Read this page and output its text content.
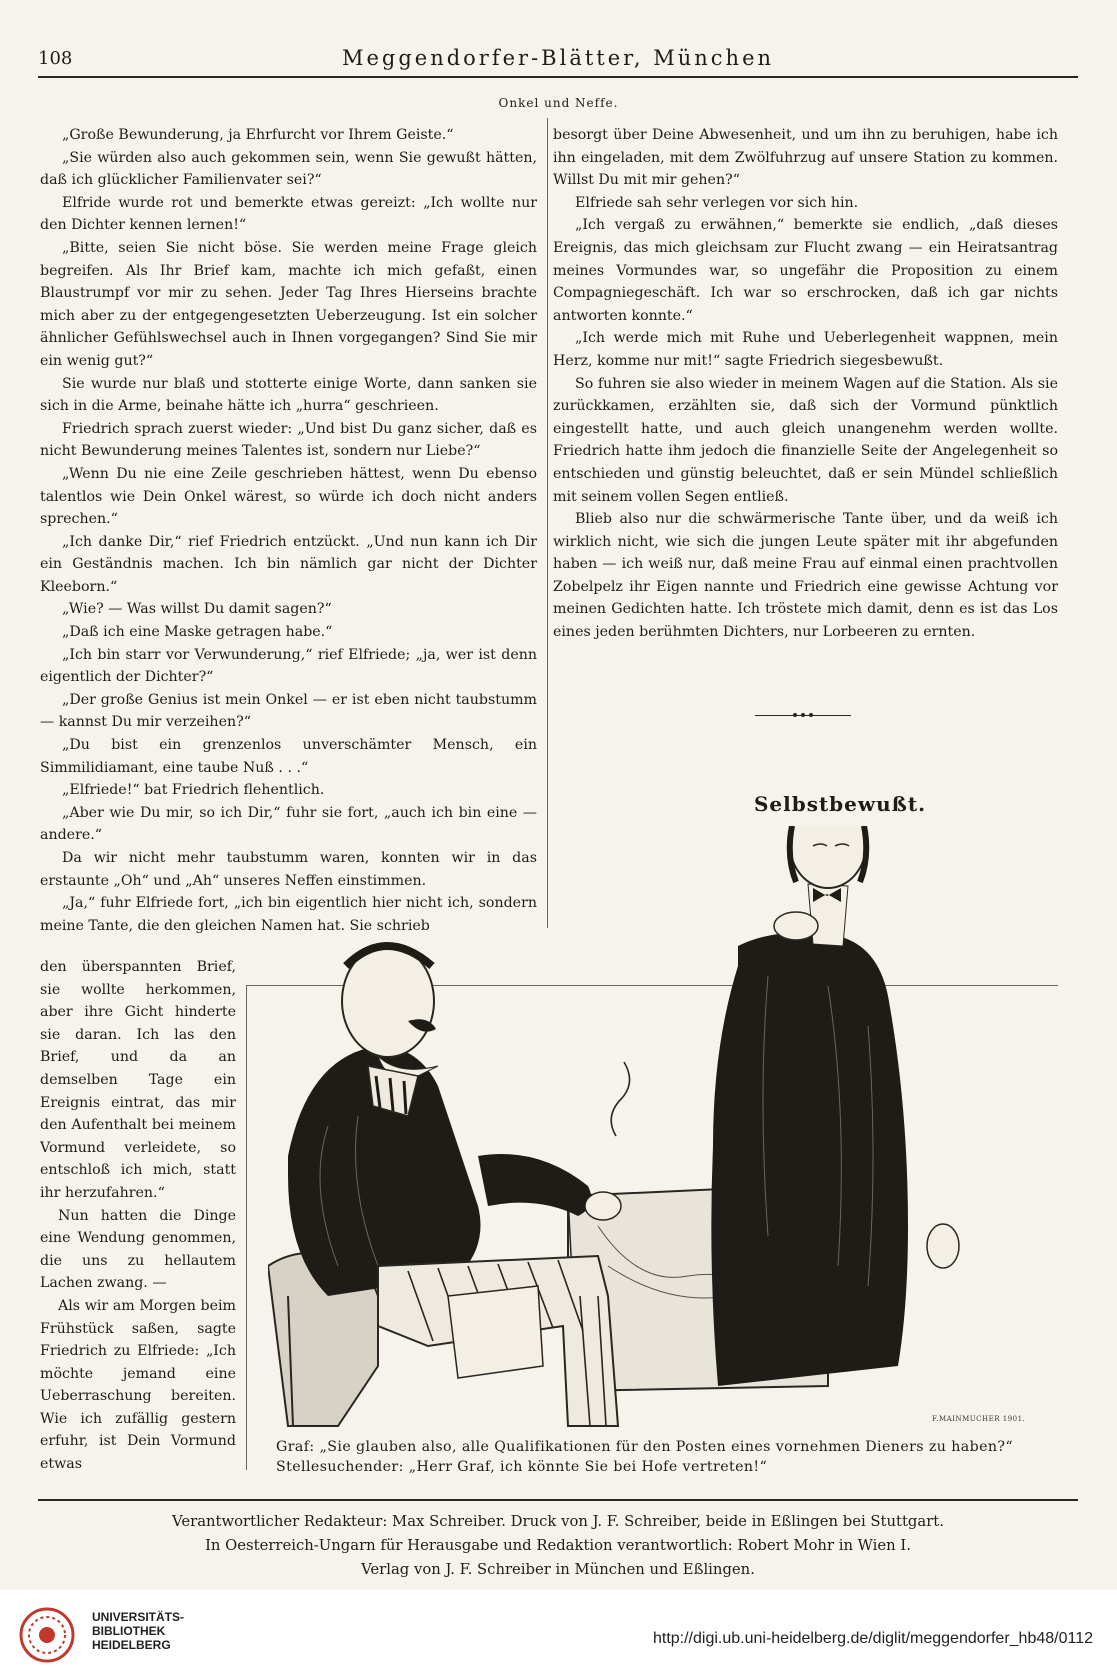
108	Meggendorfer-Blätter, München
Onkel und Neffe.

„Große Bewunderung, ja Ehrfurcht vor Ihrem Geiste.“

„Sie würden also auch gekommen sein, wenn Sie gewußt hätten, daß ich glücklicher Familienvater sei?“

Elfride wurde rot und bemerkte etwas gereizt: „Ich wollte nur den Dichter kennen lernen!“

„Bitte, seien Sie nicht böse. Sie werden meine Frage gleich begreifen. Als Ihr Brief kam, machte ich mich gefaßt, einen Blaustrumpf vor mir zu sehen. Jeder Tag Ihres Hierseins brachte mich aber zu der entgegengesetzten Ueberzeugung. Ist ein solcher ähnlicher Gefühlswechsel auch in Ihnen vorgegangen? Sind Sie mir ein wenig gut?“

Sie wurde nur blaß und stotterte einige Worte, dann sanken sie sich in die Arme, beinahe hätte ich „hurra“ geschrieen.

Friedrich sprach zuerst wieder: „Und bist Du ganz sicher, daß es nicht Bewunderung meines Talentes ist, sondern nur Liebe?“

„Wenn Du nie eine Zeile geschrieben hättest, wenn Du ebenso talentlos wie Dein Onkel wärest, so würde ich doch nicht anders sprechen.“

„Ich danke Dir,“ rief Friedrich entzückt. „Und nun kann ich Dir ein Geständnis machen. Ich bin nämlich gar nicht der Dichter Kleeborn.“

„Wie? — Was willst Du damit sagen?“

„Daß ich eine Maske getragen habe.“

„Ich bin starr vor Verwunderung,“ rief Elfriede; „ja, wer ist denn eigentlich der Dichter?“

„Der große Genius ist mein Onkel — er ist eben nicht taubstumm — kannst Du mir verzeihen?“

„Du bist ein grenzenlos unverschämter Mensch, ein Simmilidiamant, eine taube Nuß . . .“

„Elfriede!“ bat Friedrich flehentlich.

„Aber wie Du mir, so ich Dir,“ fuhr sie fort, „auch ich bin eine — andere.“

Da wir nicht mehr taubstumm waren, konnten wir in das erstaunte „Oh“ und „Ah“ unseres Neffen einstimmen.

„Ja,“ fuhr Elfriede fort, „ich bin eigentlich hier nicht ich, sondern meine Tante, die den gleichen Namen hat. Sie schrieb

den überspannten Brief, sie wollte herkommen, aber ihre Gicht hinderte sie daran. Ich las den Brief, und da an demselben Tage ein Ereignis eintrat, das mir den Aufenthalt bei meinem Vormund verleidete, so entschloß ich mich, statt ihr herzufahren.“

Nun hatten die Dinge eine Wendung genommen, die uns zu hellautem Lachen zwang. —

Als wir am Morgen beim Frühstück saßen, sagte Friedrich zu Elfriede: „Ich möchte jemand eine Ueberraschung bereiten. Wie ich zufällig gestern erfuhr, ist Dein Vormund etwas

besorgt über Deine Abwesenheit, und um ihn zu beruhigen, habe ich ihn eingeladen, mit dem Zwölfuhrzug auf unsere Station zu kommen. Willst Du mit mir gehen?“

Elfriede sah sehr verlegen vor sich hin.

„Ich vergaß zu erwähnen,“ bemerkte sie endlich, „daß dieses Ereignis, das mich gleichsam zur Flucht zwang — ein Heiratsantrag meines Vormundes war, so ungefähr die Proposition zu einem Compagniegeschäft. Ich war so erschrocken, daß ich gar nichts antworten konnte.“

„Ich werde mich mit Ruhe und Ueberlegenheit wappnen, mein Herz, komme nur mit!“ sagte Friedrich siegesbewußt.

So fuhren sie also wieder in meinem Wagen auf die Station. Als sie zurückkamen, erzählten sie, daß sich der Vormund pünktlich eingestellt hatte, und auch gleich unangenehm werden wollte. Friedrich hatte ihm jedoch die finanzielle Seite der Angelegenheit so entschieden und günstig beleuchtet, daß er sein Mündel schließlich mit seinem vollen Segen entließ.

Blieb also nur die schwärmerische Tante über, und da weiß ich wirklich nicht, wie sich die jungen Leute später mit ihr abgefunden haben — ich weiß nur, daß meine Frau auf einmal einen prachtvollen Zobelpelz ihr Eigen nannte und Friedrich eine gewisse Achtung vor meinen Gedichten hatte. Ich tröstete mich damit, denn es ist das Los eines jeden berühmten Dichters, nur Lorbeeren zu ernten.

Selbstbewußt.
F.MAINMUCHER 1901.
Graf: „Sie glauben also, alle Qualifikationen für den Posten eines vornehmen Dieners zu haben?“
Stellesuchender: „Herr Graf, ich könnte Sie bei Hofe vertreten!“
Verantwortlicher Redakteur: Max Schreiber. Druck von J. F. Schreiber, beide in Eßlingen bei Stuttgart.
In Oesterreich-Ungarn für Herausgabe und Redaktion verantwortlich: Robert Mohr in Wien I.
Verlag von J. F. Schreiber in München und Eßlingen.
UNIVERSITÄTS-
BIBLIOTHEK
HEIDELBERG	http://digi.ub.uni-heidelberg.de/diglit/meggendorfer_hb48/0112
